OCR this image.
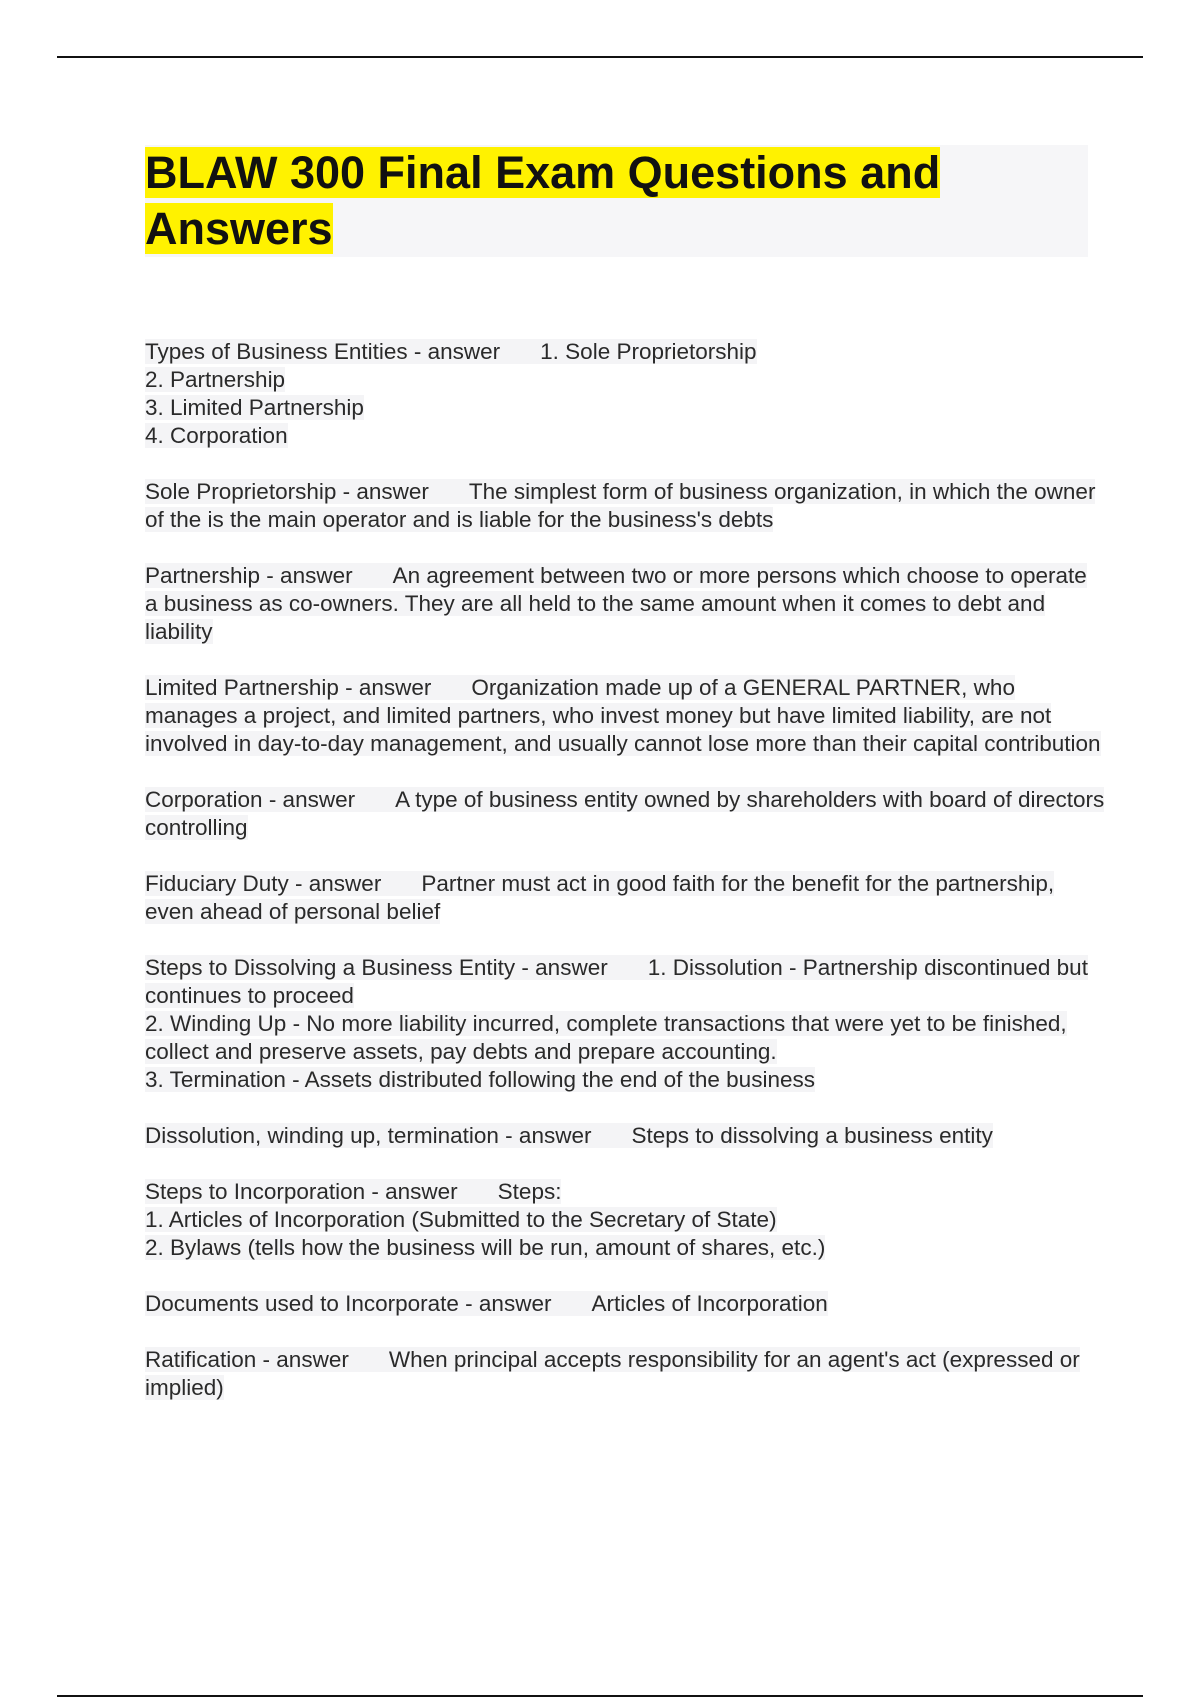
BLAW 300 Final Exam Questions and Answers

Types of Business Entities - answer 1. Sole Proprietorship
2. Partnership
3. Limited Partnership
4. Corporation

Sole Proprietorship - answer The simplest form of business organization, in which the owner of the is the main operator and is liable for the business's debts

Partnership - answer An agreement between two or more persons which choose to operate a business as co-owners. They are all held to the same amount when it comes to debt and liability

Limited Partnership - answer Organization made up of a GENERAL PARTNER, who manages a project, and limited partners, who invest money but have limited liability, are not involved in day-to-day management, and usually cannot lose more than their capital contribution

Corporation - answer A type of business entity owned by shareholders with board of directors controlling

Fiduciary Duty - answer Partner must act in good faith for the benefit for the partnership, even ahead of personal belief

Steps to Dissolving a Business Entity - answer 1. Dissolution - Partnership discontinued but continues to proceed
2. Winding Up - No more liability incurred, complete transactions that were yet to be finished, collect and preserve assets, pay debts and prepare accounting.
3. Termination - Assets distributed following the end of the business

Dissolution, winding up, termination - answer Steps to dissolving a business entity

Steps to Incorporation - answer Steps:
1. Articles of Incorporation (Submitted to the Secretary of State)
2. Bylaws (tells how the business will be run, amount of shares, etc.)

Documents used to Incorporate - answer Articles of Incorporation

Ratification - answer When principal accepts responsibility for an agent's act (expressed or implied)
